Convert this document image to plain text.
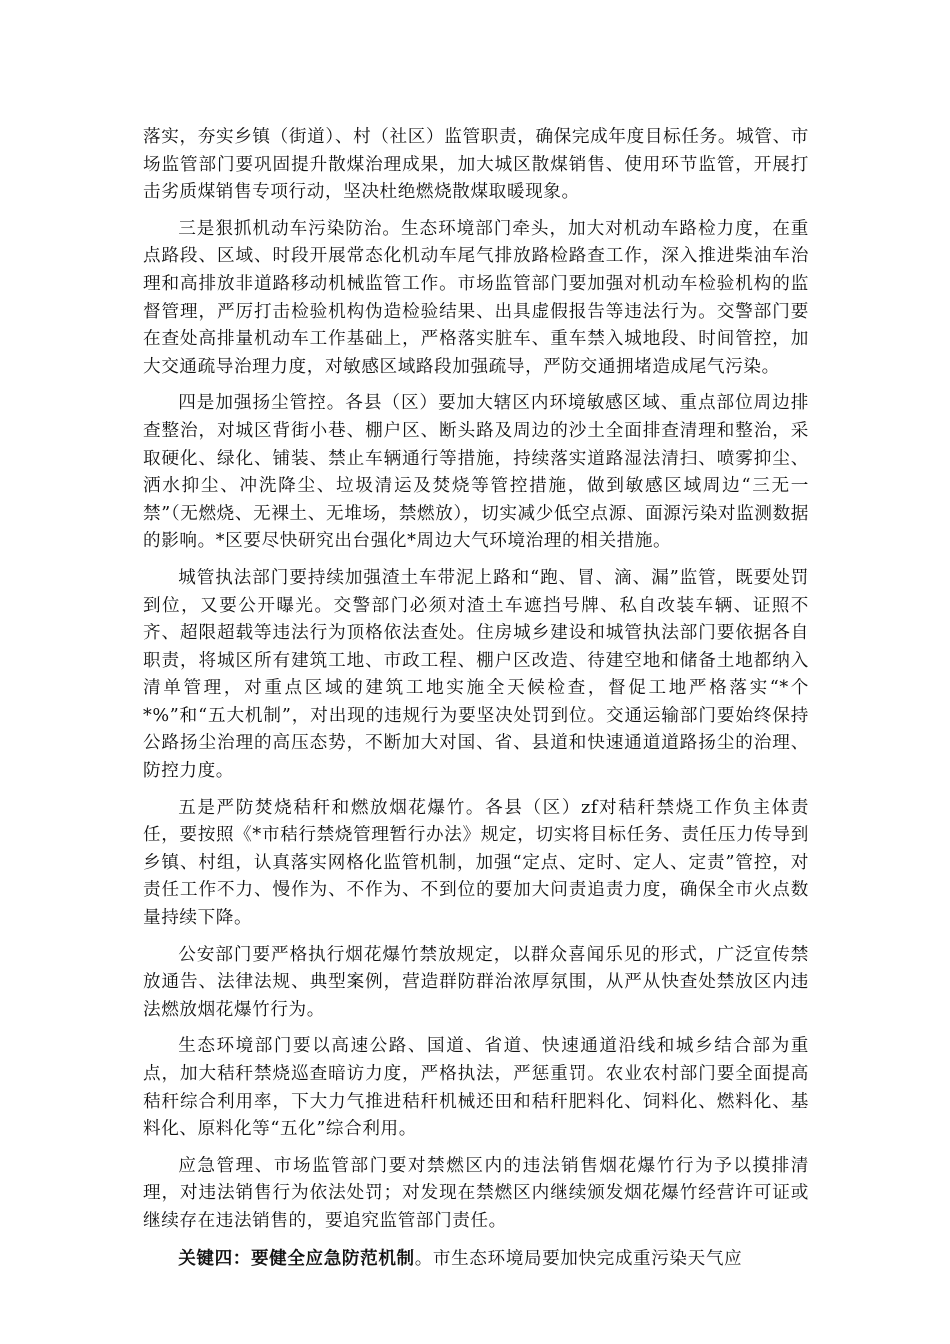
落实，夯实乡镇（街道）、村（社区）监管职责，确保完成年度目标任务。城管、市场监管部门要巩固提升散煤治理成果，加大城区散煤销售、使用环节监管，开展打击劣质煤销售专项行动，坚决杜绝燃烧散煤取暖现象。

三是狠抓机动车污染防治。生态环境部门牵头，加大对机动车路检力度，在重点路段、区域、时段开展常态化机动车尾气排放路检路查工作，深入推进柴油车治理和高排放非道路移动机械监管工作。市场监管部门要加强对机动车检验机构的监督管理，严厉打击检验机构伪造检验结果、出具虚假报告等违法行为。交警部门要在查处高排量机动车工作基础上，严格落实脏车、重车禁入城地段、时间管控，加大交通疏导治理力度，对敏感区域路段加强疏导，严防交通拥堵造成尾气污染。

四是加强扬尘管控。各县（区）要加大辖区内环境敏感区域、重点部位周边排查整治，对城区背街小巷、棚户区、断头路及周边的沙土全面排查清理和整治，采取硬化、绿化、铺装、禁止车辆通行等措施，持续落实道路湿法清扫、喷雾抑尘、洒水抑尘、冲洗降尘、垃圾清运及焚烧等管控措施，做到敏感区域周边“三无一禁”（无燃烧、无裸土、无堆场，禁燃放），切实减少低空点源、面源污染对监测数据的影响。*区要尽快研究出台强化*周边大气环境治理的相关措施。

城管执法部门要持续加强渣土车带泥上路和“跑、冒、滴、漏”监管，既要处罚到位，又要公开曝光。交警部门必须对渣土车遮挡号牌、私自改装车辆、证照不齐、超限超载等违法行为顶格依法查处。住房城乡建设和城管执法部门要依据各自职责，将城区所有建筑工地、市政工程、棚户区改造、待建空地和储备土地都纳入清单管理，对重点区域的建筑工地实施全天候检查，督促工地严格落实“*个*%”和“五大机制”，对出现的违规行为要坚决处罚到位。交通运输部门要始终保持公路扬尘治理的高压态势，不断加大对国、省、县道和快速通道道路扬尘的治理、防控力度。

五是严防焚烧秸秆和燃放烟花爆竹。各县（区）zf对秸秆禁烧工作负主体责任，要按照《*市秸行禁烧管理暂行办法》规定，切实将目标任务、责任压力传导到乡镇、村组，认真落实网格化监管机制，加强“定点、定时、定人、定责”管控，对责任工作不力、慢作为、不作为、不到位的要加大问责追责力度，确保全市火点数量持续下降。

公安部门要严格执行烟花爆竹禁放规定，以群众喜闻乐见的形式，广泛宣传禁放通告、法律法规、典型案例，营造群防群治浓厚氛围，从严从快查处禁放区内违法燃放烟花爆竹行为。

生态环境部门要以高速公路、国道、省道、快速通道沿线和城乡结合部为重点，加大秸秆禁烧巡查暗访力度，严格执法，严惩重罚。农业农村部门要全面提高秸秆综合利用率，下大力气推进秸秆机械还田和秸秆肥料化、饲料化、燃料化、基料化、原料化等“五化”综合利用。

应急管理、市场监管部门要对禁燃区内的违法销售烟花爆竹行为予以摸排清理，对违法销售行为依法处罚；对发现在禁燃区内继续颁发烟花爆竹经营许可证或继续存在违法销售的，要追究监管部门责任。

关键四：要健全应急防范机制。市生态环境局要加快完成重污染天气应
